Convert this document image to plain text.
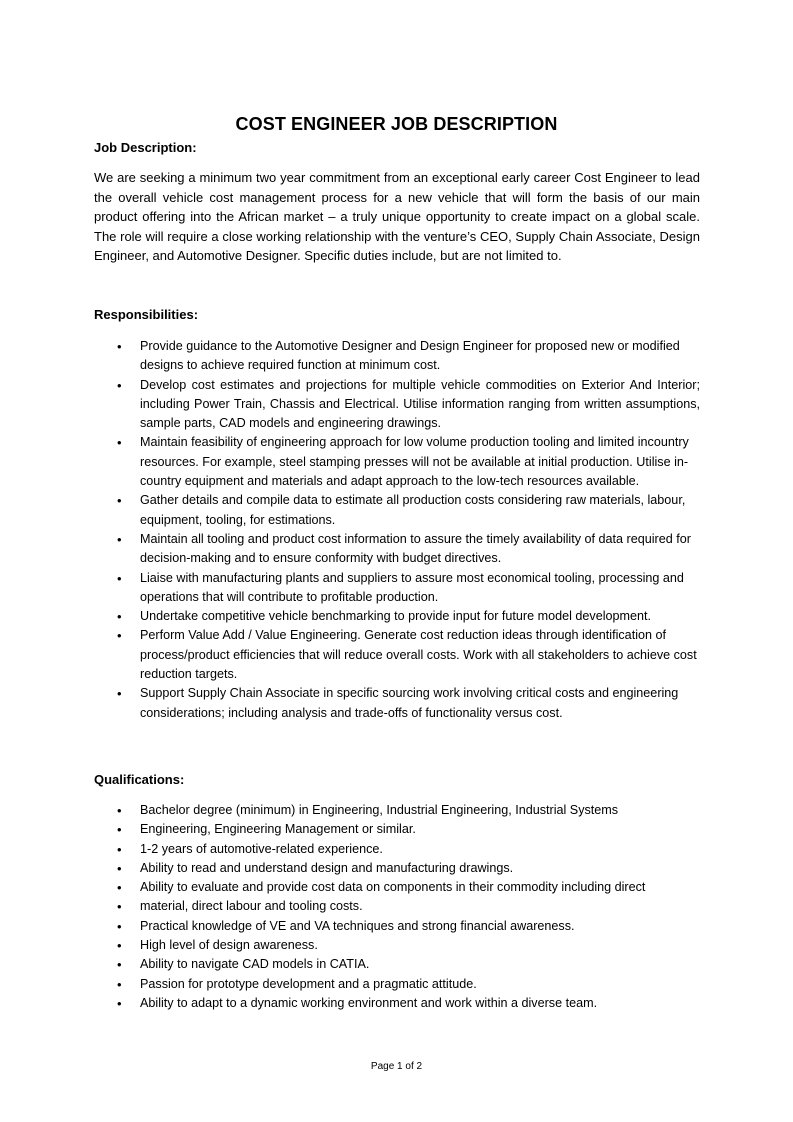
COST ENGINEER JOB DESCRIPTION
Job Description:
We are seeking a minimum two year commitment from an exceptional early career Cost Engineer to lead the overall vehicle cost management process for a new vehicle that will form the basis of our main product offering into the African market – a truly unique opportunity to create impact on a global scale. The role will require a close working relationship with the venture’s CEO, Supply Chain Associate, Design Engineer, and Automotive Designer. Specific duties include, but are not limited to.
Responsibilities:
• Provide guidance to the Automotive Designer and Design Engineer for proposed new or modified designs to achieve required function at minimum cost.
• Develop cost estimates and projections for multiple vehicle commodities on Exterior And Interior; including Power Train, Chassis and Electrical. Utilise information ranging from written assumptions, sample parts, CAD models and engineering drawings.
• Maintain feasibility of engineering approach for low volume production tooling and limited incountry resources. For example, steel stamping presses will not be available at initial production. Utilise in-country equipment and materials and adapt approach to the low-tech resources available.
• Gather details and compile data to estimate all production costs considering raw materials, labour, equipment, tooling, for estimations.
• Maintain all tooling and product cost information to assure the timely availability of data required for decision-making and to ensure conformity with budget directives.
• Liaise with manufacturing plants and suppliers to assure most economical tooling, processing and operations that will contribute to profitable production.
• Undertake competitive vehicle benchmarking to provide input for future model development.
• Perform Value Add / Value Engineering. Generate cost reduction ideas through identification of process/product efficiencies that will reduce overall costs. Work with all stakeholders to achieve cost reduction targets.
• Support Supply Chain Associate in specific sourcing work involving critical costs and engineering considerations; including analysis and trade-offs of functionality versus cost.
Qualifications:
• Bachelor degree (minimum) in Engineering, Industrial Engineering, Industrial Systems
• Engineering, Engineering Management or similar.
• 1-2 years of automotive-related experience.
• Ability to read and understand design and manufacturing drawings.
• Ability to evaluate and provide cost data on components in their commodity including direct
• material, direct labour and tooling costs.
• Practical knowledge of VE and VA techniques and strong financial awareness.
• High level of design awareness.
• Ability to navigate CAD models in CATIA.
• Passion for prototype development and a pragmatic attitude.
• Ability to adapt to a dynamic working environment and work within a diverse team.
Page 1 of 2
